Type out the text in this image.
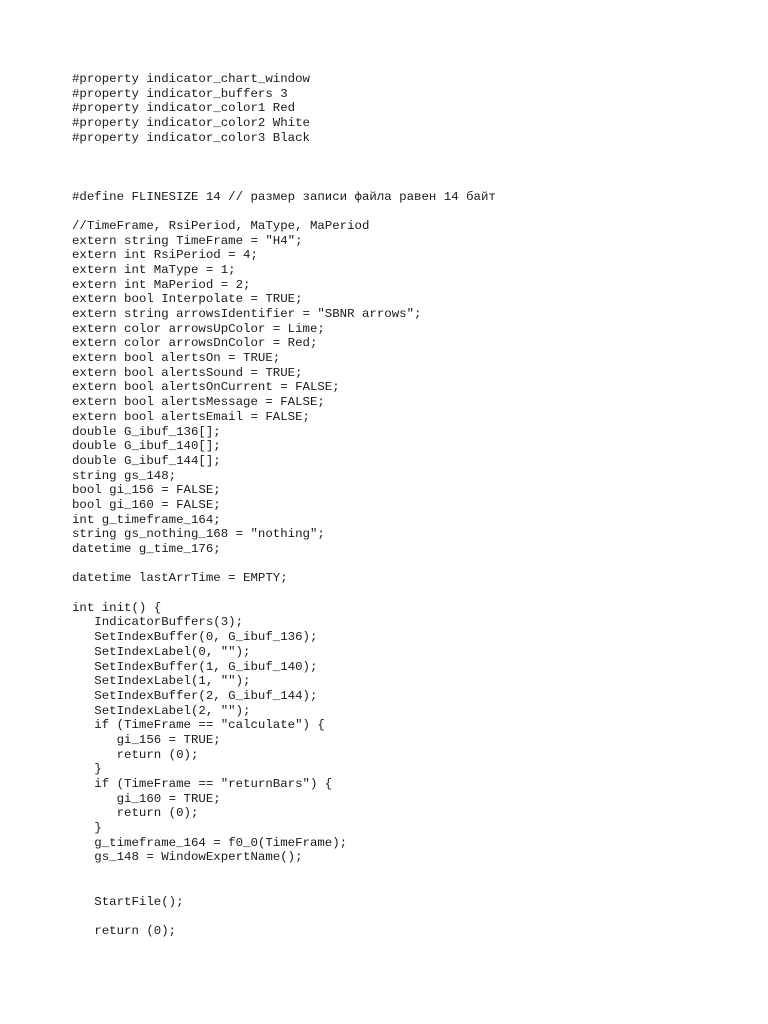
#property indicator_chart_window
#property indicator_buffers 3
#property indicator_color1 Red
#property indicator_color2 White
#property indicator_color3 Black
#define FLINESIZE 14 // размер записи файла равен 14 байт
//TimeFrame, RsiPeriod, MaType, MaPeriod
extern string TimeFrame = "H4";
extern int RsiPeriod = 4;
extern int MaType = 1;
extern int MaPeriod = 2;
extern bool Interpolate = TRUE;
extern string arrowsIdentifier = "SBNR arrows";
extern color arrowsUpColor = Lime;
extern color arrowsDnColor = Red;
extern bool alertsOn = TRUE;
extern bool alertsSound = TRUE;
extern bool alertsOnCurrent = FALSE;
extern bool alertsMessage = FALSE;
extern bool alertsEmail = FALSE;
double G_ibuf_136[];
double G_ibuf_140[];
double G_ibuf_144[];
string gs_148;
bool gi_156 = FALSE;
bool gi_160 = FALSE;
int g_timeframe_164;
string gs_nothing_168 = "nothing";
datetime g_time_176;
datetime lastArrTime = EMPTY;
int init() {
IndicatorBuffers(3);
SetIndexBuffer(0, G_ibuf_136);
SetIndexLabel(0, "");
SetIndexBuffer(1, G_ibuf_140);
SetIndexLabel(1, "");
SetIndexBuffer(2, G_ibuf_144);
SetIndexLabel(2, "");
if (TimeFrame == "calculate") {
gi_156 = TRUE;
return (0);
}
if (TimeFrame == "returnBars") {
gi_160 = TRUE;
return (0);
}
g_timeframe_164 = f0_0(TimeFrame);
gs_148 = WindowExpertName();
StartFile();
return (0);
